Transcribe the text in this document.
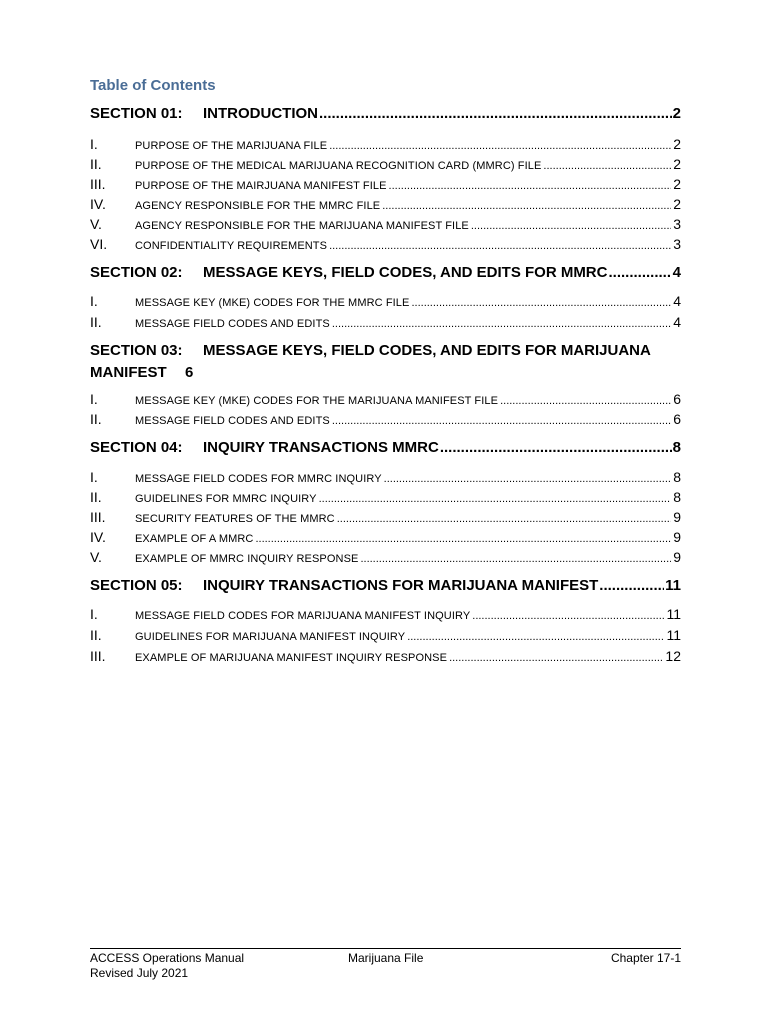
Table of Contents
SECTION 01:	INTRODUCTION .....	2
I.	PURPOSE OF THE MARIJUANA FILE .....	2
II.	PURPOSE OF THE MEDICAL MARIJUANA RECOGNITION CARD (MMRC) FILE .....	2
III.	PURPOSE OF THE MAIRJUANA MANIFEST FILE .....	2
IV.	AGENCY RESPONSIBLE FOR THE MMRC FILE .....	2
V.	AGENCY RESPONSIBLE FOR THE MARIJUANA MANIFEST FILE .....	3
VI.	CONFIDENTIALITY REQUIREMENTS .....	3
SECTION 02:	MESSAGE KEYS, FIELD CODES, AND EDITS FOR MMRC .....	4
I.	MESSAGE KEY (MKE) CODES FOR THE MMRC FILE .....	4
II.	MESSAGE FIELD CODES AND EDITS .....	4
SECTION 03:	MESSAGE KEYS, FIELD CODES, AND EDITS FOR MARIJUANA
MANIFEST 6
I.	MESSAGE KEY (MKE) CODES FOR THE MARIJUANA MANIFEST FILE .....	6
II.	MESSAGE FIELD CODES AND EDITS .....	6
SECTION 04:	INQUIRY TRANSACTIONS MMRC .....	8
I.	MESSAGE FIELD CODES FOR MMRC INQUIRY .....	8
II.	GUIDELINES FOR MMRC INQUIRY .....	8
III.	SECURITY FEATURES OF THE MMRC .....	9
IV.	EXAMPLE OF A MMRC .....	9
V.	EXAMPLE OF MMRC INQUIRY RESPONSE .....	9
SECTION 05:	INQUIRY TRANSACTIONS FOR MARIJUANA MANIFEST .....	11
I.	MESSAGE FIELD CODES FOR MARIJUANA MANIFEST INQUIRY .....	11
II.	GUIDELINES FOR MARIJUANA MANIFEST INQUIRY .....	11
III.	EXAMPLE OF MARIJUANA MANIFEST INQUIRY RESPONSE .....	12
ACCESS Operations Manual
Revised July 2021
Marijuana File	Chapter 17-1
